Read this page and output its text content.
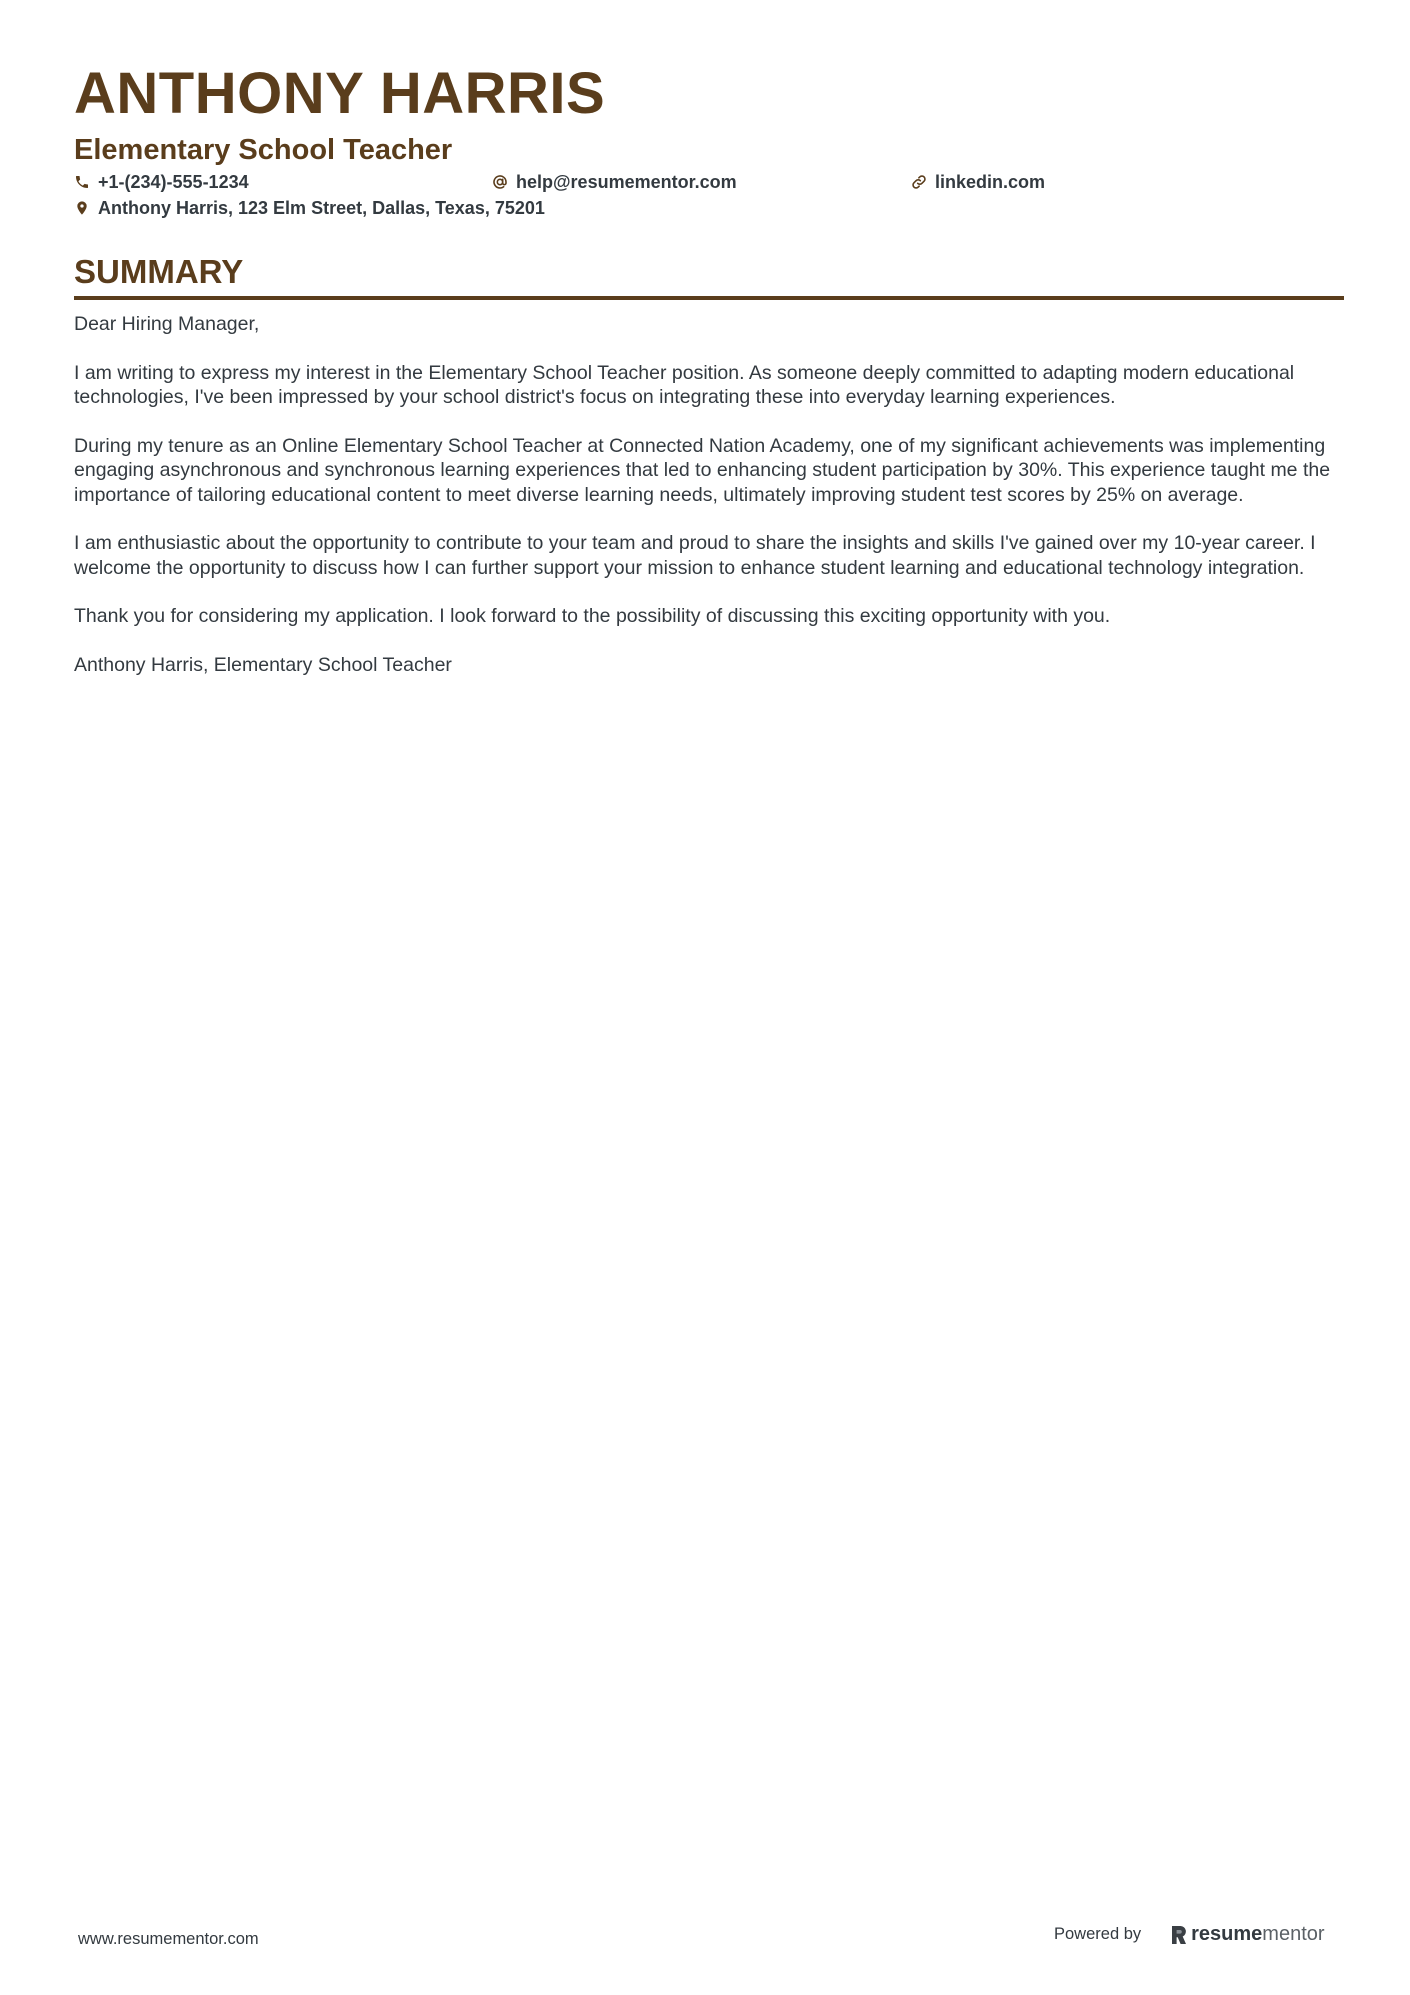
ANTHONY HARRIS
Elementary School Teacher
+1-(234)-555-1234	help@resumementor.com	linkedin.com
Anthony Harris, 123 Elm Street, Dallas, Texas, 75201
SUMMARY

Dear Hiring Manager,

I am writing to express my interest in the Elementary School Teacher position. As someone deeply committed to adapting modern educational technologies, I've been impressed by your school district's focus on integrating these into everyday learning experiences.

During my tenure as an Online Elementary School Teacher at Connected Nation Academy, one of my significant achievements was implementing engaging asynchronous and synchronous learning experiences that led to enhancing student participation by 30%. This experience taught me the importance of tailoring educational content to meet diverse learning needs, ultimately improving student test scores by 25% on average.

I am enthusiastic about the opportunity to contribute to your team and proud to share the insights and skills I've gained over my 10-year career. I welcome the opportunity to discuss how I can further support your mission to enhance student learning and educational technology integration.

Thank you for considering my application. I look forward to the possibility of discussing this exciting opportunity with you.

Anthony Harris, Elementary School Teacher

www.resumementor.com	Powered by	resume mentor
